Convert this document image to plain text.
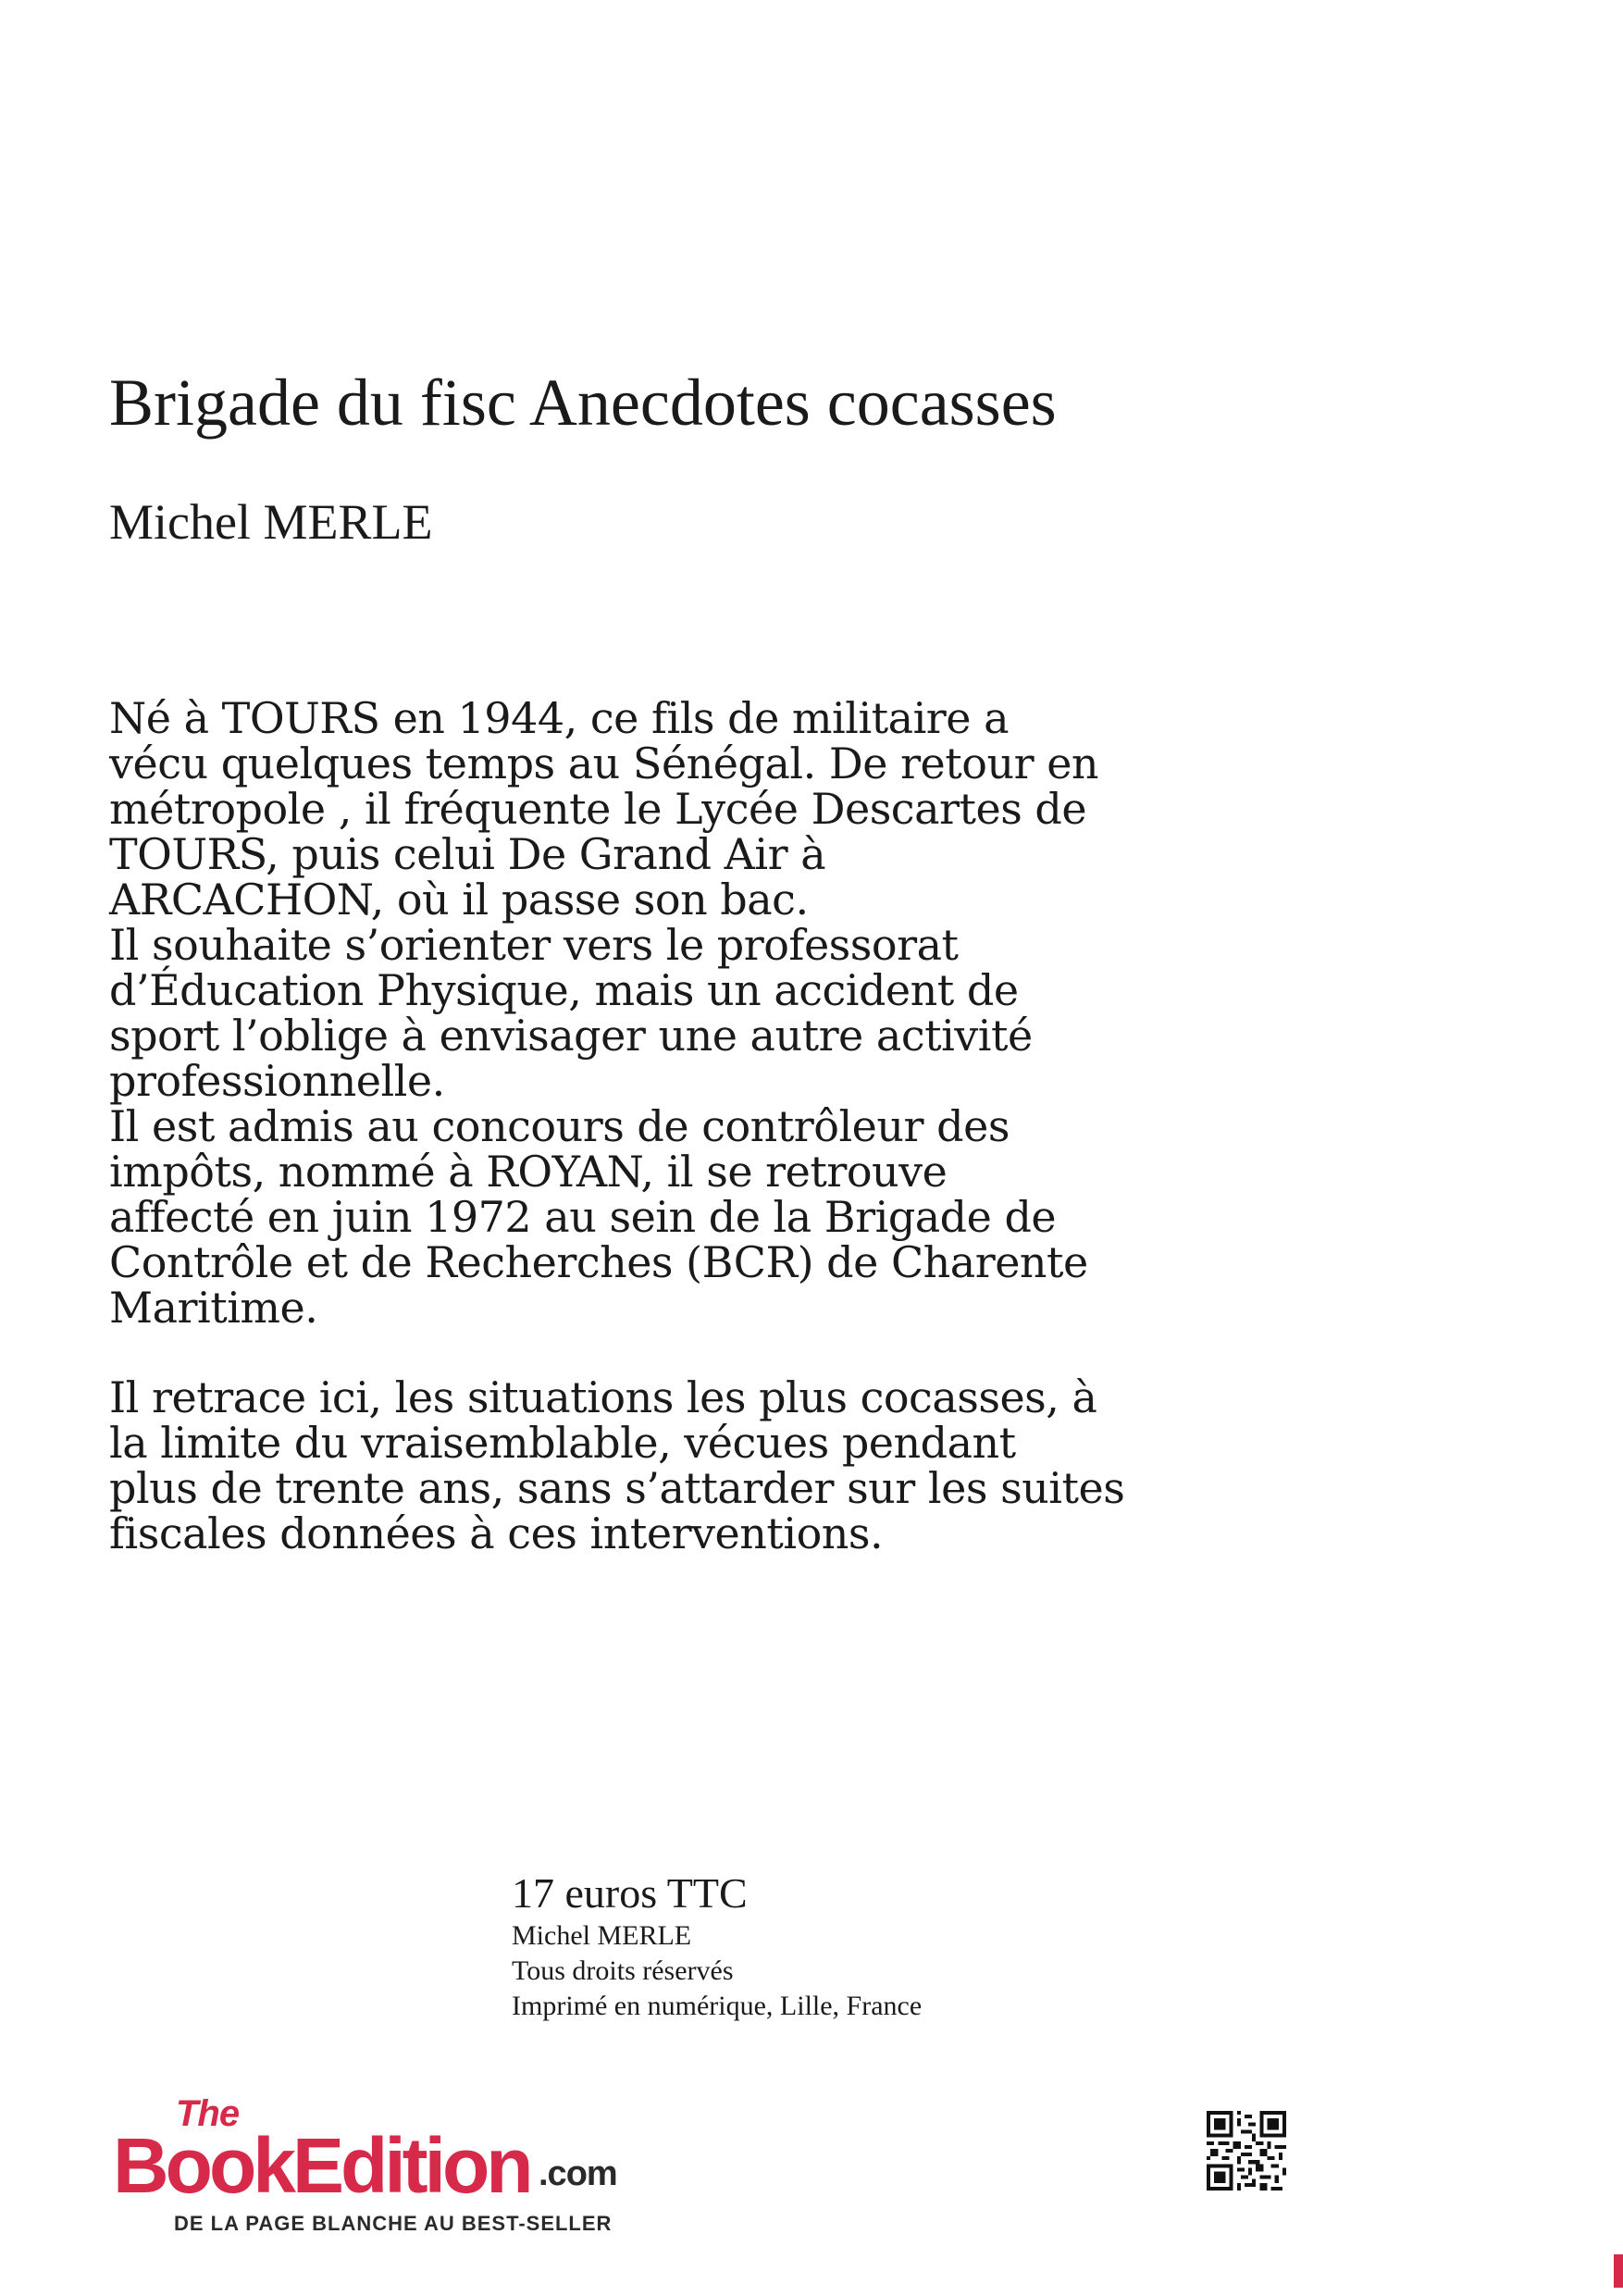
Brigade du fisc Anecdotes cocasses
Michel MERLE

Né à TOURS en 1944, ce fils de militaire a
vécu quelques temps au Sénégal. De retour en
métropole , il fréquente le Lycée Descartes de
TOURS, puis celui De Grand Air à
ARCACHON, où il passe son bac.
Il souhaite s’orienter vers le professorat
d’Éducation Physique, mais un accident de
sport l’oblige à envisager une autre activité
professionnelle.
Il est admis au concours de contrôleur des
impôts, nommé à ROYAN, il se retrouve
affecté en juin 1972 au sein de la Brigade de
Contrôle et de Recherches (BCR) de Charente
Maritime.

Il retrace ici, les situations les plus cocasses, à
la limite du vraisemblable, vécues pendant
plus de trente ans, sans s’attarder sur les suites
fiscales données à ces interventions.

17 euros TTC
Michel MERLE
Tous droits réservés
Imprimé en numérique, Lille, France
The
BookEdition .com
DE LA PAGE BLANCHE AU BEST-SELLER
